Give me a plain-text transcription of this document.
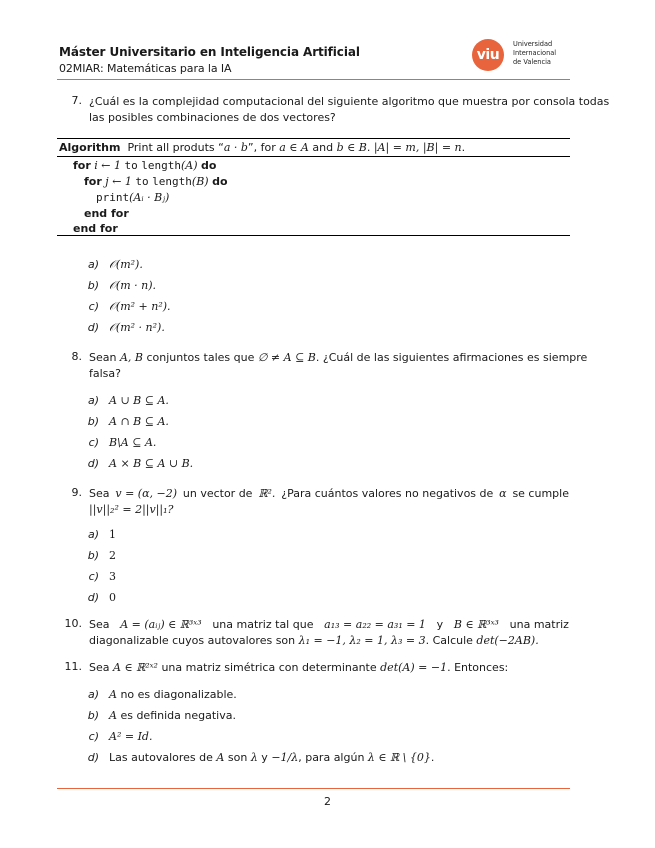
Máster Universitario en Inteligencia Artificial
02MIAR: Matemáticas para la IA
viu
Universidad
Internacional
de Valencia
7. ¿Cuál es la complejidad computacional del siguiente algoritmo que muestra por consola todas
las posibles combinaciones de dos vectores?
Algorithm Print all produts “a · b”, for a ∈ A and b ∈ B. |A| = m, |B| = n.
for i ← 1 to length(A) do
for j ← 1 to length(B) do
print(Aᵢ · Bⱼ)
end for
end for
a) 𝒪(m²).
b) 𝒪(m · n).
c) 𝒪(m² + n²).
d) 𝒪(m² · n²).
8. Sean A, B conjuntos tales que ∅ ≠ A ⊆ B. ¿Cuál de las siguientes afirmaciones es siempre
falsa?
a) A ∪ B ⊆ A.
b) A ∩ B ⊆ A.
c) B\A ⊆ A.
d) A × B ⊆ A ∪ B.
9. Sea v = (α, −2) un vector de ℝ². ¿Para cuántos valores no negativos de α se cumple
||v||₂² = 2||v||₁?
a) 1
b) 2
c) 3
d) 0
10. Sea A = (aᵢⱼ) ∈ ℝ³ˣ³ una matriz tal que a₁₃ = a₂₂ = a₃₁ = 1 y B ∈ ℝ³ˣ³ una matriz
diagonalizable cuyos autovalores son λ₁ = −1, λ₂ = 1, λ₃ = 3. Calcule det(−2AB).
11. Sea A ∈ ℝ²ˣ² una matriz simétrica con determinante det(A) = −1. Entonces:
a) A no es diagonalizable.
b) A es definida negativa.
c) A² = Id.
d) Las autovalores de A son λ y −1/λ, para algún λ ∈ ℝ \ {0}.
2
